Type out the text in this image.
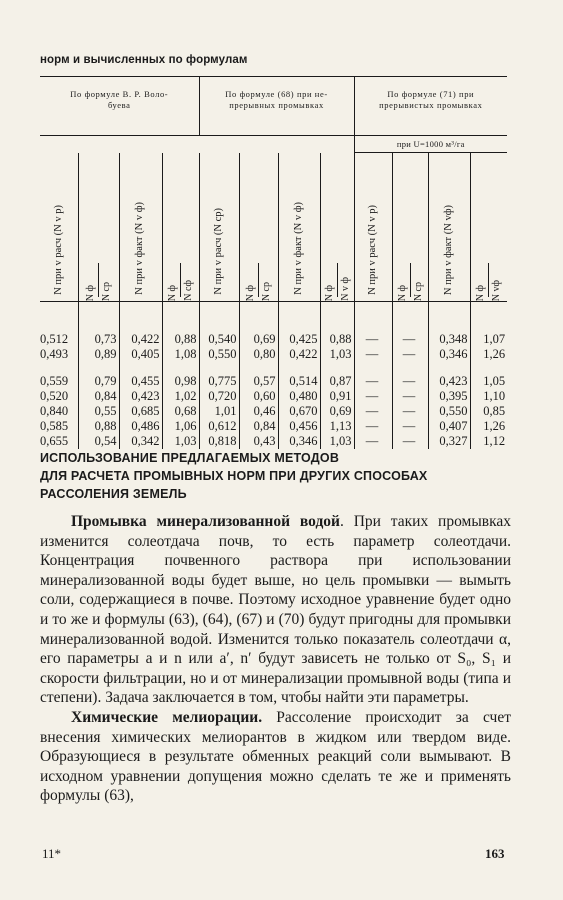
норм и вычисленных по формулам
По формуле В. Р. Воло-
буева				По формуле (68) при не-
прерывных промывках				По формуле (71) при
прерывистых промывках			
								при U=1000 м³/га			

N при v расч (N v р)	N ф N ср	N при v факт (N v ф)	N ф N сф	N при v расч (N ср)	N ф N ср	N при v факт (N v ф)	N ф N v ф	N при v расч (N v р)	N ф N ср	N при v факт (N vф)	N ф N vф

0,512	0,73	0,422	0,88	0,540	0,69	0,425	0,88	—	—	0,348	1,07
0,493	0,89	0,405	1,08	0,550	0,80	0,422	1,03	—	—	0,346	1,26

0,559	0,79	0,455	0,98	0,775	0,57	0,514	0,87	—	—	0,423	1,05
0,520	0,84	0,423	1,02	0,720	0,60	0,480	0,91	—	—	0,395	1,10
0,840	0,55	0,685	0,68	1,01	0,46	0,670	0,69	—	—	0,550	0,85
0,585	0,88	0,486	1,06	0,612	0,84	0,456	1,13	—	—	0,407	1,26
0,655	0,54	0,342	1,03	0,818	0,43	0,346	1,03	—	—	0,327	1,12
ИСПОЛЬЗОВАНИЕ ПРЕДЛАГАЕМЫХ МЕТОДОВ
ДЛЯ РАСЧЕТА ПРОМЫВНЫХ НОРМ ПРИ ДРУГИХ СПОСОБАХ
РАССОЛЕНИЯ ЗЕМЕЛЬ

Промывка минерализованной водой. При таких промывках изменится солеотдача почв, то есть параметр солеотдачи. Концентрация почвенного раствора при использовании минерализованной воды будет выше, но цель промывки — вымыть соли, содержащиеся в почве. Поэтому исходное уравнение будет одно и то же и формулы (63), (64), (67) и (70) будут пригодны для промывки минерализованной водой. Изменится только показатель солеотдачи α, его параметры a и n или a′, n′ будут зависеть не только от S₀, S₁ и скорости фильтрации, но и от минерализации промывной воды (типа и степени). Задача заключается в том, чтобы найти эти параметры.

Химические мелиорации. Рассоление происходит за счет внесения химических мелиорантов в жидком или твердом виде. Образующиеся в результате обменных реакций соли вымывают. В исходном уравнении допущения можно сделать те же и применять формулы (63),

11*	163
